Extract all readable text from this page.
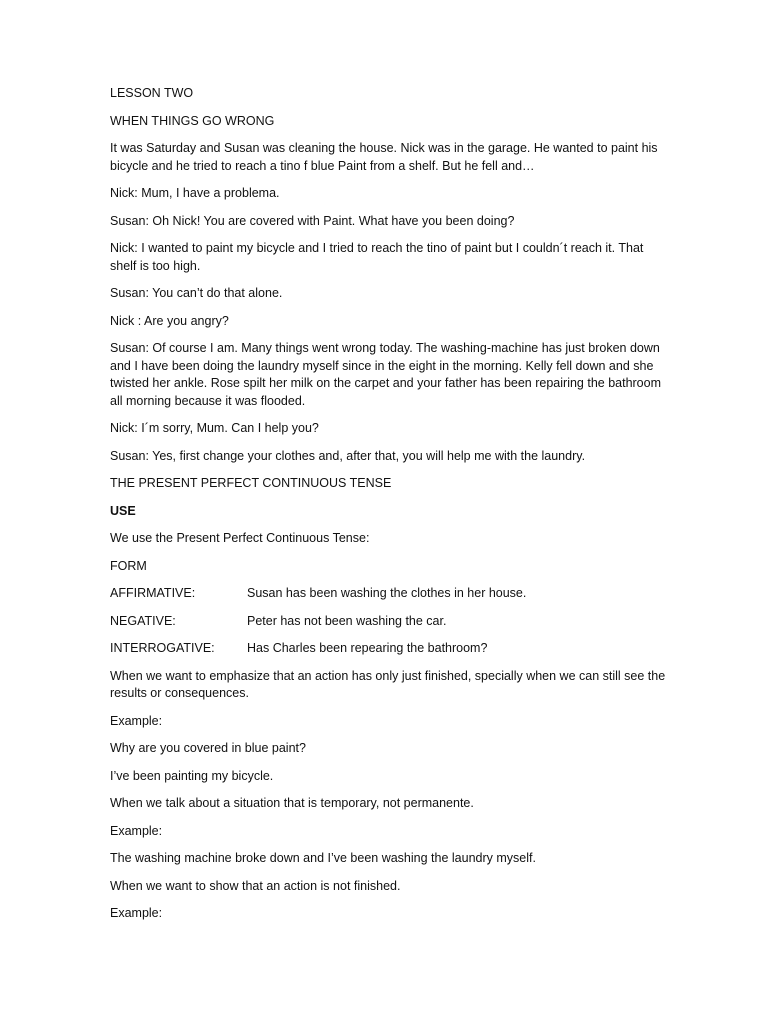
LESSON TWO

WHEN THINGS GO WRONG

It was Saturday and Susan was cleaning the house. Nick was in the garage. He wanted to paint his bicycle and he tried to reach a tino f blue Paint from a shelf. But he fell and…

Nick: Mum, I have a problema.

Susan: Oh Nick! You are covered with Paint. What have you been doing?

Nick: I wanted to paint my bicycle and I tried to reach the tino of paint but I couldn´t reach it. That shelf is too high.

Susan: You can’t do that alone.

Nick : Are you angry?

Susan: Of course I am. Many things went wrong today. The washing-machine has just broken down and I have been doing the laundry myself since in the eight in the morning. Kelly fell down and she twisted her ankle. Rose spilt her milk on the carpet and your father has been repairing the bathroom all morning because it was flooded.

Nick: I´m sorry, Mum. Can I help you?

Susan: Yes, first change your clothes and, after that, you will help me with the laundry.

THE PRESENT PERFECT CONTINUOUS TENSE

USE

We use the Present Perfect Continuous Tense:

FORM

AFFIRMATIVE:	Susan has been washing the clothes in her house.
NEGATIVE:	Peter has not been washing the car.
INTERROGATIVE:	Has Charles been repearing the bathroom?

When we want to emphasize that an action has only just finished, specially when we can still see the results or consequences.

Example:

Why are you covered in blue paint?

I’ve been painting my bicycle.

When we talk about a situation that is temporary, not permanente.

Example:

The washing machine broke down and I’ve been washing the laundry myself.

When we want to show that an action is not finished.

Example:
